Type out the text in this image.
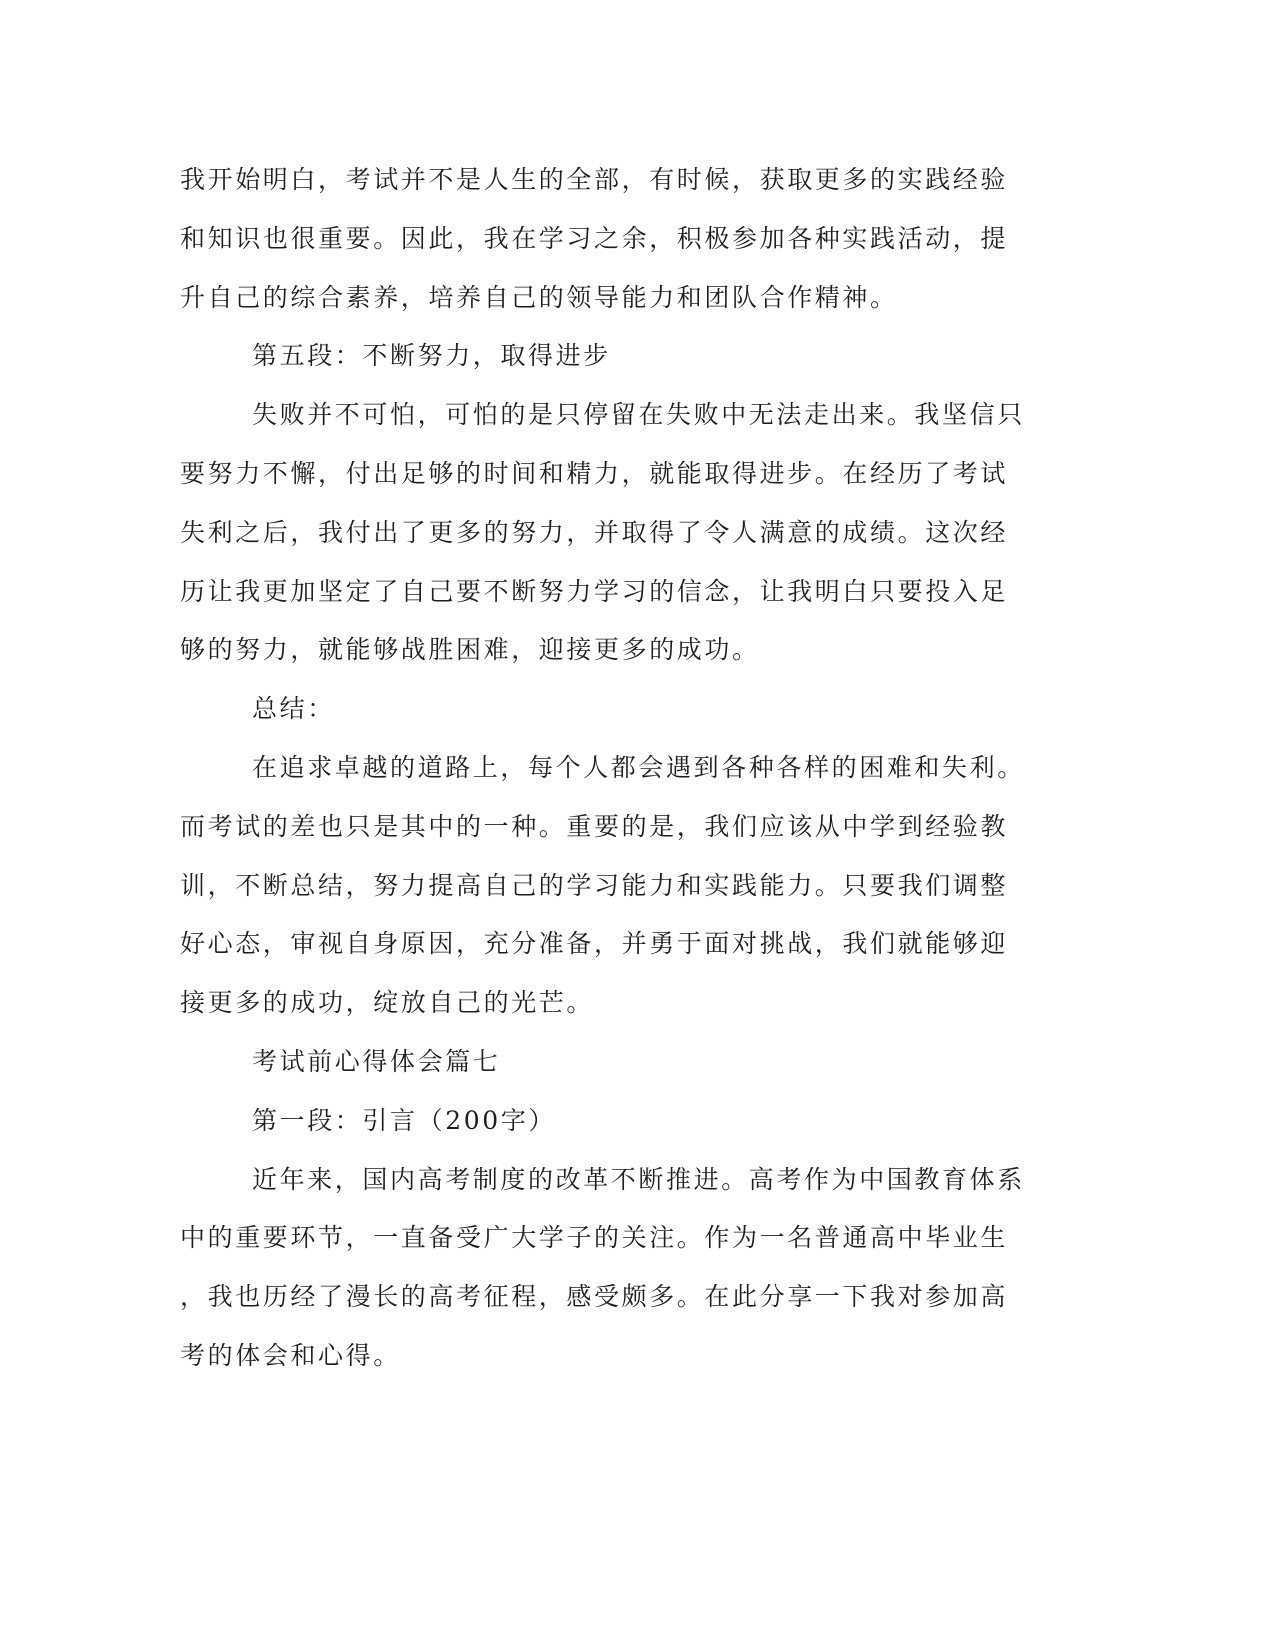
我开始明白，考试并不是人生的全部，有时候，获取更多的实践经验
和知识也很重要。因此，我在学习之余，积极参加各种实践活动，提
升自己的综合素养，培养自己的领导能力和团队合作精神。
第五段：不断努力，取得进步
失败并不可怕，可怕的是只停留在失败中无法走出来。我坚信只
要努力不懈，付出足够的时间和精力，就能取得进步。在经历了考试
失利之后，我付出了更多的努力，并取得了令人满意的成绩。这次经
历让我更加坚定了自己要不断努力学习的信念，让我明白只要投入足
够的努力，就能够战胜困难，迎接更多的成功。
总结：
在追求卓越的道路上，每个人都会遇到各种各样的困难和失利。
而考试的差也只是其中的一种。重要的是，我们应该从中学到经验教
训，不断总结，努力提高自己的学习能力和实践能力。只要我们调整
好心态，审视自身原因，充分准备，并勇于面对挑战，我们就能够迎
接更多的成功，绽放自己的光芒。
考试前心得体会篇七
第一段：引言（200字）
近年来，国内高考制度的改革不断推进。高考作为中国教育体系
中的重要环节，一直备受广大学子的关注。作为一名普通高中毕业生
，我也历经了漫长的高考征程，感受颇多。在此分享一下我对参加高
考的体会和心得。
